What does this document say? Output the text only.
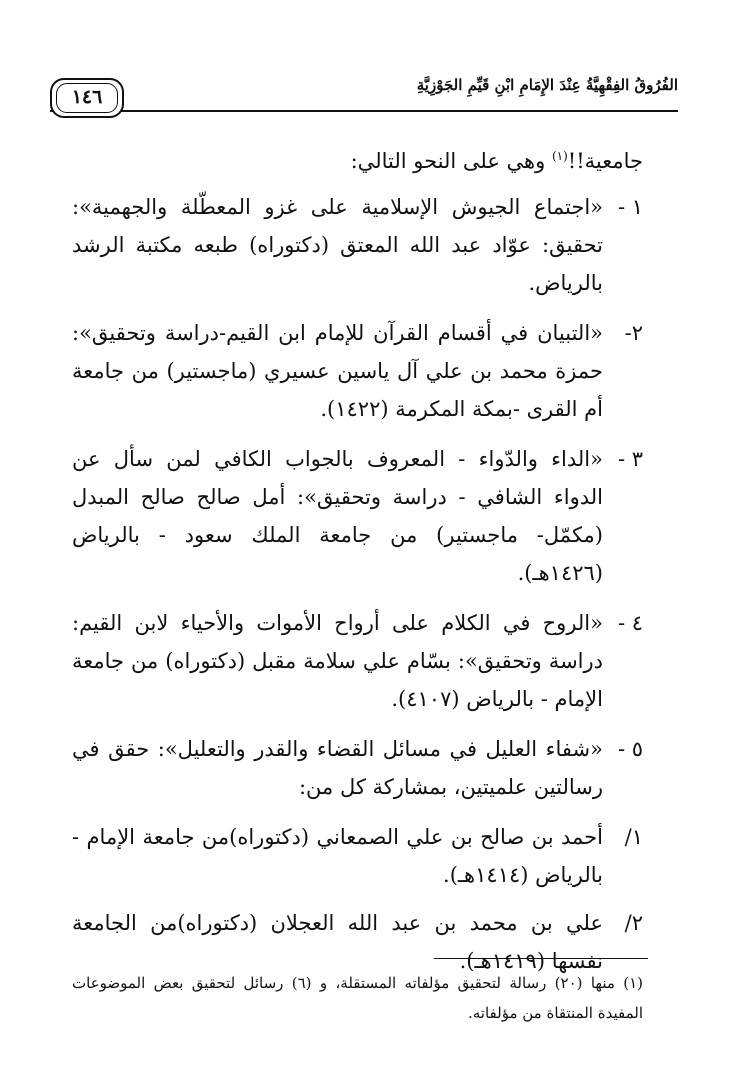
الفُرُوقُ الفِقْهِيَّةُ عِنْدَ الإِمَامِ ابْنِ قَيِّمِ الجَوْزِيَّةِ
١٤٦

جامعية!!$^{(١)}$ وهي على النحو التالي:

١ -
«اجتماع الجيوش الإسلامية على غزو المعطّلة والجهمية»: تحقيق: عوّاد عبد الله المعتق (دكتوراه) طبعه مكتبة الرشد بالرياض.
٢-
«التبيان في أقسام القرآن للإمام ابن القيم-دراسة وتحقيق»: حمزة محمد بن علي آل ياسين عسيري (ماجستير) من جامعة أم القرى -بمكة المكرمة (١٤٢٢).
٣ -
«الداء والدّواء - المعروف بالجواب الكافي لمن سأل عن الدواء الشافي - دراسة وتحقيق»: أمل صالح صالح المبدل (مكمّل- ماجستير) من جامعة الملك سعود - بالرياض (١٤٢٦هـ).
٤ -
«الروح في الكلام على أرواح الأموات والأحياء لابن القيم: دراسة وتحقيق»: بسّام علي سلامة مقبل (دكتوراه) من جامعة الإمام - بالرياض (٤١٠٧).
٥ -
«شفاء العليل في مسائل القضاء والقدر والتعليل»: حقق في رسالتين علميتين، بمشاركة كل من:
١/
أحمد بن صالح بن علي الصمعاني (دكتوراه)من جامعة الإمام - بالرياض (١٤١٤هـ).
٢/
علي بن محمد بن عبد الله العجلان (دكتوراه)من الجامعة نفسها (١٤١٩هـ).
(١) منها (٢٠) رسالة لتحقيق مؤلفاته المستقلة، و (٦) رسائل لتحقيق بعض الموضوعات المفيدة المنتقاة من مؤلفاته.
